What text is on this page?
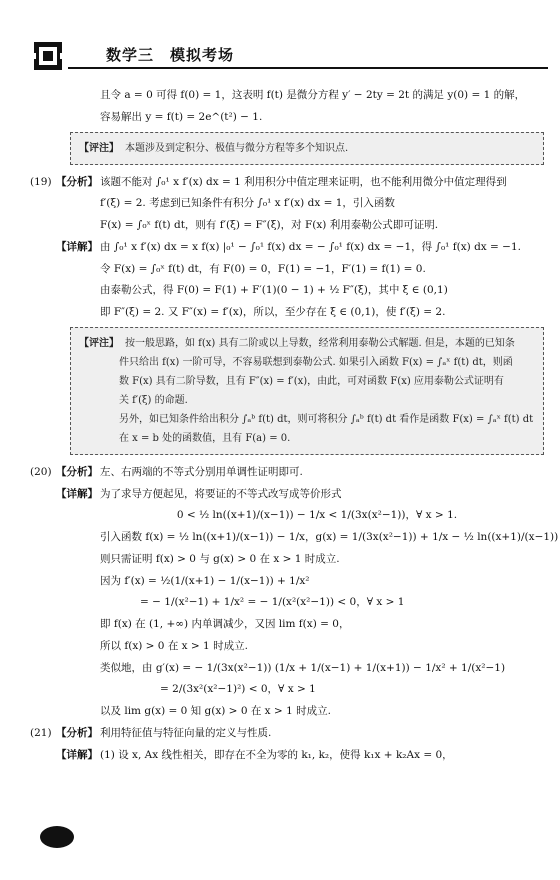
数学三　模拟考场
且令 a = 0 可得 f(0) = 1，这表明 f(t) 是微分方程 y′ − 2ty = 2t 的满足 y(0) = 1 的解，
容易解出 y = f(t) = 2e^(t²) − 1.
【评注】 本题涉及到定积分、极值与微分方程等多个知识点.
(19) 【分析】 该题不能对 ∫₀¹ x f′(x) dx = 1 利用积分中值定理来证明，也不能利用微分中值定理得到
f′(ξ) = 2. 考虑到已知条件有积分 ∫₀¹ x f′(x) dx = 1，引入函数
F(x) = ∫₀ˣ f(t) dt，则有 f′(ξ) = F″(ξ)，对 F(x) 利用泰勒公式即可证明.
【详解】 由 ∫₀¹ x f′(x) dx = x f(x) |₀¹ − ∫₀¹ f(x) dx = − ∫₀¹ f(x) dx = −1，得 ∫₀¹ f(x) dx = −1.
令 F(x) = ∫₀ˣ f(t) dt，有 F(0) = 0，F(1) = −1，F′(1) = f(1) = 0.
由泰勒公式，得 F(0) = F(1) + F′(1)(0 − 1) + ½ F″(ξ)，其中 ξ ∈ (0,1)
即 F″(ξ) = 2. 又 F″(x) = f′(x)，所以，至少存在 ξ ∈ (0,1)，使 f′(ξ) = 2.
【评注】 按一般思路，如 f(x) 具有二阶或以上导数，经常利用泰勒公式解题. 但是，本题的已知条
件只给出 f(x) 一阶可导，不容易联想到泰勒公式. 如果引入函数 F(x) = ∫ₐˣ f(t) dt，则函
数 F(x) 具有二阶导数，且有 F″(x) = f′(x)，由此，可对函数 F(x) 应用泰勒公式证明有
关 f′(ξ) 的命题.
另外，如已知条件给出积分 ∫ₐᵇ f(t) dt，则可将积分 ∫ₐᵇ f(t) dt 看作是函数 F(x) = ∫ₐˣ f(t) dt
在 x = b 处的函数值，且有 F(a) = 0.
(20) 【分析】 左、右两端的不等式分别用单调性证明即可.
【详解】 为了求导方便起见，将要证的不等式改写成等价形式
0 < ½ ln((x+1)/(x−1)) − 1/x < 1/(3x(x²−1))，∀ x > 1.
引入函数 f(x) = ½ ln((x+1)/(x−1)) − 1/x，g(x) = 1/(3x(x²−1)) + 1/x − ½ ln((x+1)/(x−1))
则只需证明 f(x) > 0 与 g(x) > 0 在 x > 1 时成立.
因为 f′(x) = ½(1/(x+1) − 1/(x−1)) + 1/x²
= − 1/(x²−1) + 1/x² = − 1/(x²(x²−1)) < 0，∀ x > 1
即 f(x) 在 (1, +∞) 内单调减少，又因 lim f(x) = 0，
所以 f(x) > 0 在 x > 1 时成立.
类似地，由 g′(x) = − 1/(3x(x²−1)) (1/x + 1/(x−1) + 1/(x+1)) − 1/x² + 1/(x²−1)
= 2/(3x²(x²−1)²) < 0，∀ x > 1
以及 lim g(x) = 0 知 g(x) > 0 在 x > 1 时成立.
(21) 【分析】 利用特征值与特征向量的定义与性质.
【详解】 (1) 设 x, Ax 线性相关，即存在不全为零的 k₁, k₂，使得 k₁x + k₂Ax = 0，
